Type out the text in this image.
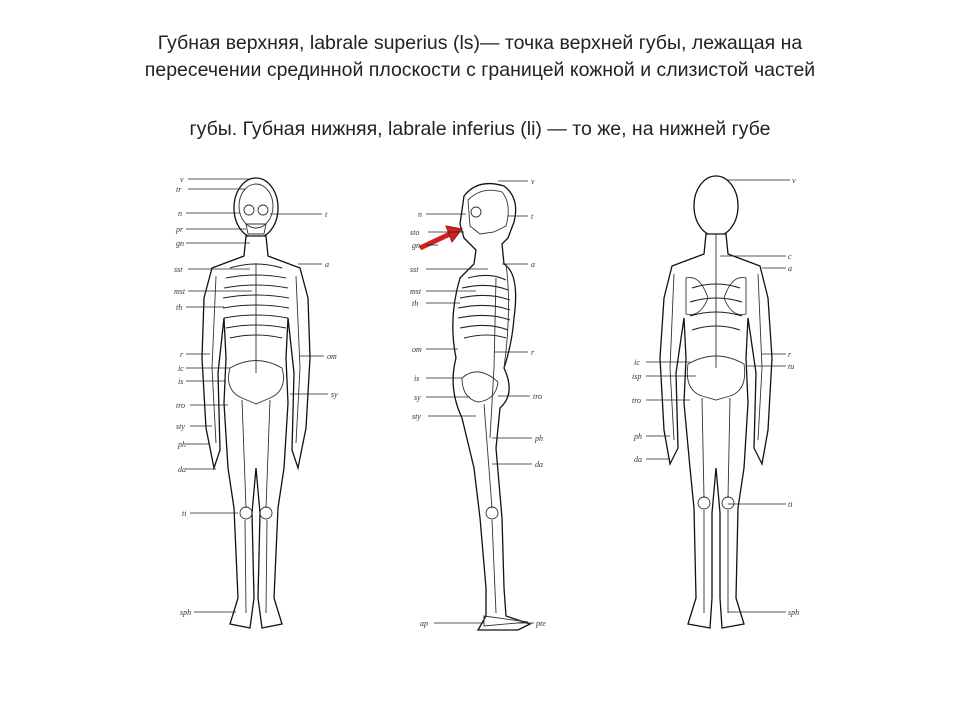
Губная верхняя, labrale superius (ls)— точка верхней губы, лежащая на
пересечении срединной плоскости с границей кожной и слизистой частей
губы. Губная нижняя, labrale inferius (li) — то же, на нижней губе
v
tr
n
pr
gn
sst
mst
th
r
ic
is
tro
sty
ph
da
ti
sph
t
a
om
sy
n
sto
gn
sst
mst
th
om
is
sy
sty
ap
v
t
a
r
tro
ph
da
pte
ic
isp
tro
ph
da
v
c
a
r
tu
ti
sph
